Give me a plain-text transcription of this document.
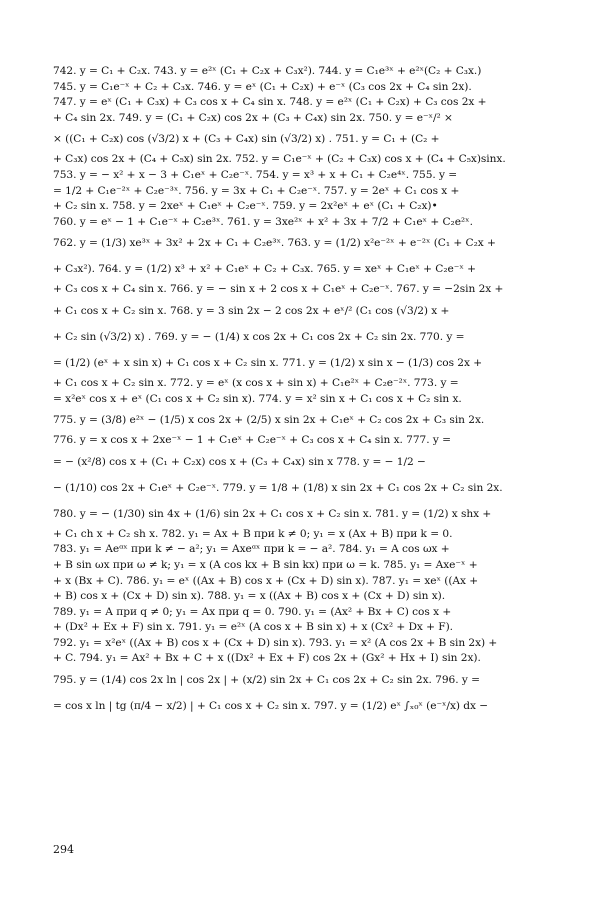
742. y = C₁ + C₂x. 743. y = e²ˣ (C₁ + C₂x + C₃x²). 744. y = C₁e³ˣ + e²ˣ(C₂ + C₃x.)
745. y = C₁e⁻ˣ + C₂ + C₃x. 746. y = eˣ (C₁ + C₂x) + e⁻ˣ (C₃ cos 2x + C₄ sin 2x).
747. y = eˣ (C₁ + C₃x) + C₃ cos x + C₄ sin x. 748. y = e²ˣ (C₁ + C₂x) + C₃ cos 2x +
+ C₄ sin 2x. 749. y = (C₁ + C₂x) cos 2x + (C₃ + C₄x) sin 2x. 750. y = e⁻ˣ/² ×
× ((C₁ + C₂x) cos (√3/2) x + (C₃ + C₄x) sin (√3/2) x) . 751. y = C₁ + (C₂ +
+ C₃x) cos 2x + (C₄ + C₅x) sin 2x. 752. y = C₁e⁻ˣ + (C₂ + C₃x) cos x + (C₄ + C₅x)sinx.
753. y = − x² + x − 3 + C₁eˣ + C₂e⁻ˣ. 754. y = x³ + x + C₁ + C₂e⁴ˣ. 755. y =
= 1/2 + C₁e⁻²ˣ + C₂e⁻³ˣ. 756. y = 3x + C₁ + C₂e⁻ˣ. 757. y = 2eˣ + C₁ cos x +
+ C₂ sin x. 758. y = 2xeˣ + C₁eˣ + C₂e⁻ˣ. 759. y = 2x²eˣ + eˣ (C₁ + C₂x)•
760. y = eˣ − 1 + C₁e⁻ˣ + C₂e³ˣ. 761. y = 3xe²ˣ + x² + 3x + 7/2 + C₁eˣ + C₂e²ˣ.
762. y = (1/3) xe³ˣ + 3x² + 2x + C₁ + C₂e³ˣ. 763. y = (1/2) x²e⁻²ˣ + e⁻²ˣ (C₁ + C₂x +
+ C₃x²). 764. y = (1/2) x³ + x² + C₁eˣ + C₂ + C₃x. 765. y = xeˣ + C₁eˣ + C₂e⁻ˣ +
+ C₃ cos x + C₄ sin x. 766. y = − sin x + 2 cos x + C₁eˣ + C₂e⁻ˣ. 767. y = −2sin 2x +
+ C₁ cos x + C₂ sin x. 768. y = 3 sin 2x − 2 cos 2x + eˣ/² (C₁ cos (√3/2) x +
+ C₂ sin (√3/2) x) . 769. y = − (1/4) x cos 2x + C₁ cos 2x + C₂ sin 2x. 770. y =
= (1/2) (eˣ + x sin x) + C₁ cos x + C₂ sin x. 771. y = (1/2) x sin x − (1/3) cos 2x +
+ C₁ cos x + C₂ sin x. 772. y = eˣ (x cos x + sin x) + C₁e²ˣ + C₂e⁻²ˣ. 773. y =
= x²eˣ cos x + eˣ (C₁ cos x + C₂ sin x). 774. y = x² sin x + C₁ cos x + C₂ sin x.
775. y = (3/8) e²ˣ − (1/5) x cos 2x + (2/5) x sin 2x + C₁eˣ + C₂ cos 2x + C₃ sin 2x.
776. y = x cos x + 2xe⁻ˣ − 1 + C₁eˣ + C₂e⁻ˣ + C₃ cos x + C₄ sin x. 777. y =
= − (x²/8) cos x + (C₁ + C₂x) cos x + (C₃ + C₄x) sin x 778. y = − 1/2 −
− (1/10) cos 2x + C₁eˣ + C₂e⁻ˣ. 779. y = 1/8 + (1/8) x sin 2x + C₁ cos 2x + C₂ sin 2x.
780. y = − (1/30) sin 4x + (1/6) sin 2x + C₁ cos x + C₂ sin x. 781. y = (1/2) x shx +
+ C₁ ch x + C₂ sh x. 782. y₁ = Ax + B при k ≠ 0; y₁ = x (Ax + B) при k = 0.
783. y₁ = Aeᵅˣ при k ≠ − a²; y₁ = Axeᵅˣ при k = − a². 784. y₁ = A cos ωx +
+ B sin ωx при ω ≠ k; y₁ = x (A cos kx + B sin kx) при ω = k. 785. y₁ = Axe⁻ˣ +
+ x (Bx + C). 786. y₁ = eˣ ((Ax + B) cos x + (Cx + D) sin x). 787. y₁ = xeˣ ((Ax +
+ B) cos x + (Cx + D) sin x). 788. y₁ = x ((Ax + B) cos x + (Cx + D) sin x).
789. y₁ = A при q ≠ 0; y₁ = Ax при q = 0. 790. y₁ = (Ax² + Bx + C) cos x +
+ (Dx² + Ex + F) sin x. 791. y₁ = e²ˣ (A cos x + B sin x) + x (Cx² + Dx + F).
792. y₁ = x²eˣ ((Ax + B) cos x + (Cx + D) sin x). 793. y₁ = x² (A cos 2x + B sin 2x) +
+ C. 794. y₁ = Ax² + Bx + C + x ((Dx² + Ex + F) cos 2x + (Gx² + Hx + I) sin 2x).
795. y = (1/4) cos 2x ln | cos 2x | + (x/2) sin 2x + C₁ cos 2x + C₂ sin 2x. 796. y =
= cos x ln | tg (π/4 − x/2) | + C₁ cos x + C₂ sin x. 797. y = (1/2) eˣ ∫ₓ₀ˣ (e⁻ˣ/x) dx −
294
